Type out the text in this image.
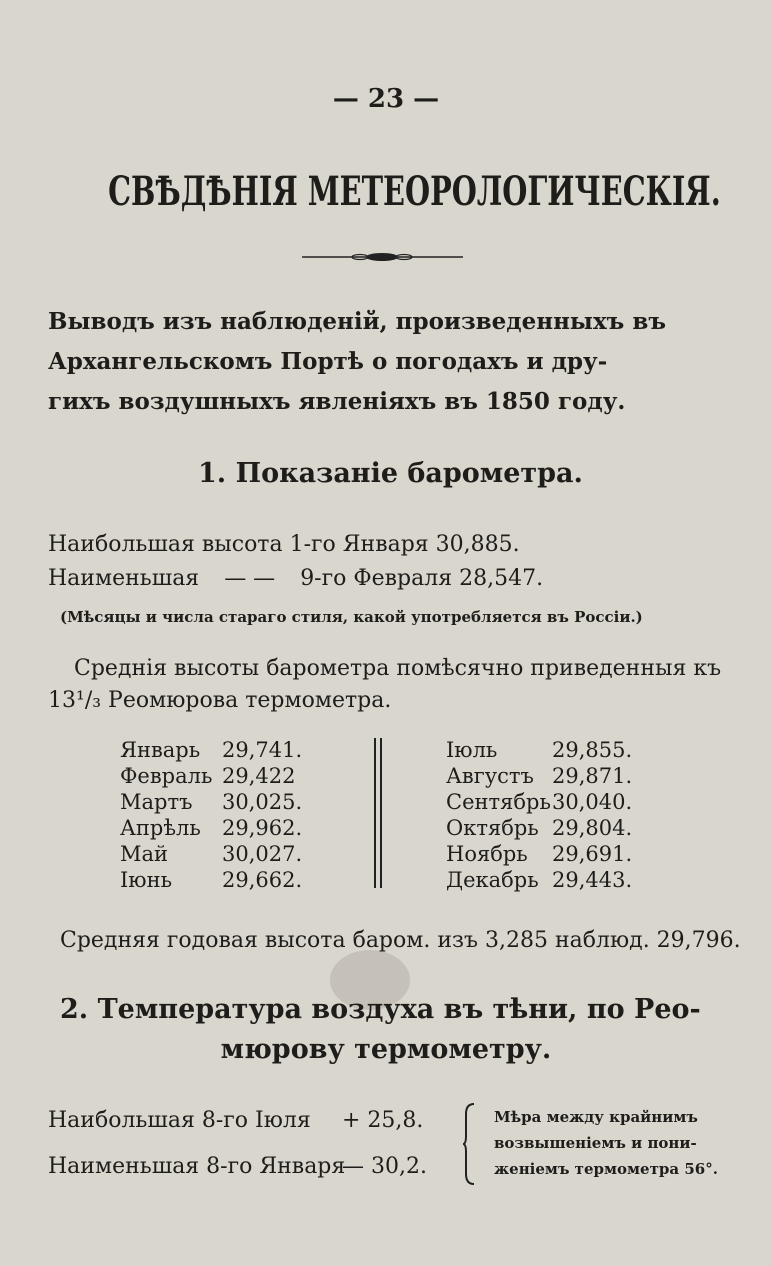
— 23 —
СВѢДѢНІЯ МЕТЕОРОЛОГИЧЕСКІЯ.
Выводъ изъ наблюденій, произведенныхъ въ
Архангельскомъ Портѣ о погодахъ и дру-
гихъ воздушныхъ явленіяхъ въ 1850 году.
1. Показаніе барометра.
Наибольшая высота 1-го Января 30,885.
Наименьшая — — 9-го Февраля 28,547.
(Мѣсяцы и числа стараго стиля, какой употребляется въ Россіи.)
Среднія высоты барометра помѣсячно приведенныя къ
13¹/₃ Реомюрова термометра.
Январь 29,741.
Февраль 29,422
Мартъ 30,025.
Апрѣль 29,962.
Май	30,027.
Іюнь 29,662.
Іюль	29,855.
Августъ 29,871.
Сентябрь 30,040.
Октябрь 29,804.
Ноябрь 29,691.
Декабрь 29,443.
Средняя годовая высота баром. изъ 3,285 наблюд. 29,796.
2. Температура воздуха въ тѣни, по Рео-
мюрову термометру.
Наибольшая 8-го Іюля + 25,8.
Наименьшая 8-го Января
— 30,2.
Мѣра между крайнимъ
возвышеніемъ и пони-
женіемъ термометра 56°.
